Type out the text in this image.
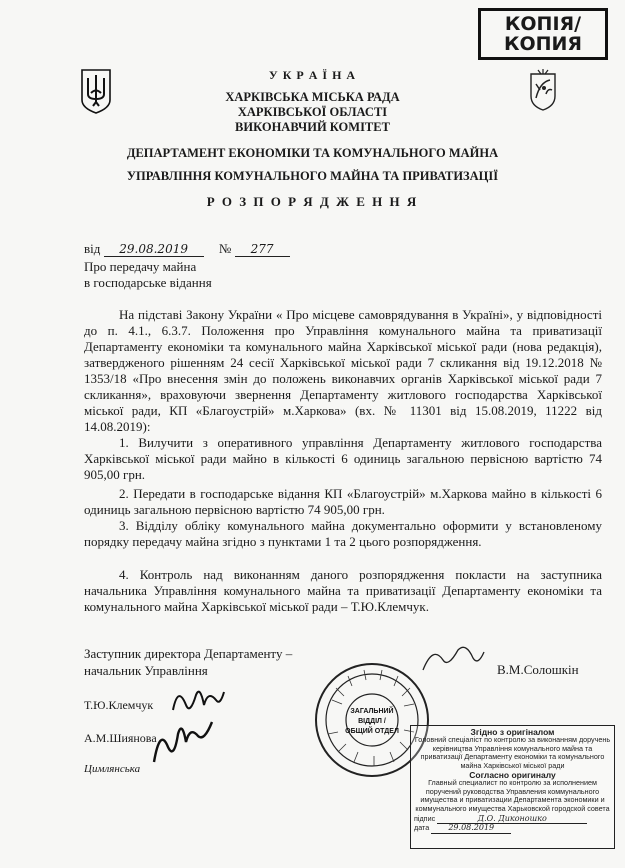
КОПІЯ/
КОПИЯ
У К Р А Ї Н А
ХАРКІВСЬКА МІСЬКА РАДА
ХАРКІВСЬКОЇ ОБЛАСТІ
ВИКОНАВЧИЙ КОМІТЕТ
ДЕПАРТАМЕНТ ЕКОНОМІКИ ТА КОМУНАЛЬНОГО МАЙНА
УПРАВЛІННЯ КОМУНАЛЬНОГО МАЙНА ТА ПРИВАТИЗАЦІЇ
Р О З П О Р Я Д Ж Е Н Н Я
від 29.08.2019 № 277
Про передачу майна
в господарське відання
На підставі Закону України « Про місцеве самоврядування в Україні», у відповідності до п. 4.1., 6.3.7. Положення про Управління комунального майна та приватизації Департаменту економіки та комунального майна Харківської міської ради (нова редакція), затвердженого рішенням 24 сесії Харківської міської ради 7 скликання від 19.12.2018 № 1353/18 «Про внесення змін до положень виконавчих органів Харківської міської ради 7 скликання», враховуючи звернення Департаменту житлового господарства Харківської міської ради, КП «Благоустрій» м.Харкова» (вх. № 11301 від 15.08.2019, 11222 від 14.08.2019):
1. Вилучити з оперативного управління Департаменту житлового господарства Харківської міської ради майно в кількості 6 одиниць загальною первісною вартістю 74 905,00 грн.
2. Передати в господарське відання КП «Благоустрій» м.Харкова майно в кількості 6 одиниць загальною первісною вартістю 74 905,00 грн.
3. Відділу обліку комунального майна документально оформити у встановленому порядку передачу майна згідно з пунктами 1 та 2 цього розпорядження.
4. Контроль над виконанням даного розпорядження покласти на заступника начальника Управління комунального майна та приватизації Департаменту економіки та комунального майна Харківської міської ради – Т.Ю.Клемчук.
Заступник директора Департаменту –
начальник Управління	В.М.Солошкін
Т.Ю.Клемчук
А.М.Шиянова
Цимлянська
ЗАГАЛЬНИЙ
ВІДДІЛ /
ОБЩИЙ ОТДЕЛ	Згідно з оригіналом
Головний спеціаліст по контролю за виконанням доручень керівництва Управління комунального майна та приватизації Департаменту економіки та комунального майна Харківської міської ради
Согласно оригиналу
Главный специалист по контролю за исполнением поручений руководства Управления коммунального имущества и приватизации Департамента экономики и коммунального имущества Харьковской городской совета
підпис	Д.О. Диконошко
дата 29.08.2019
